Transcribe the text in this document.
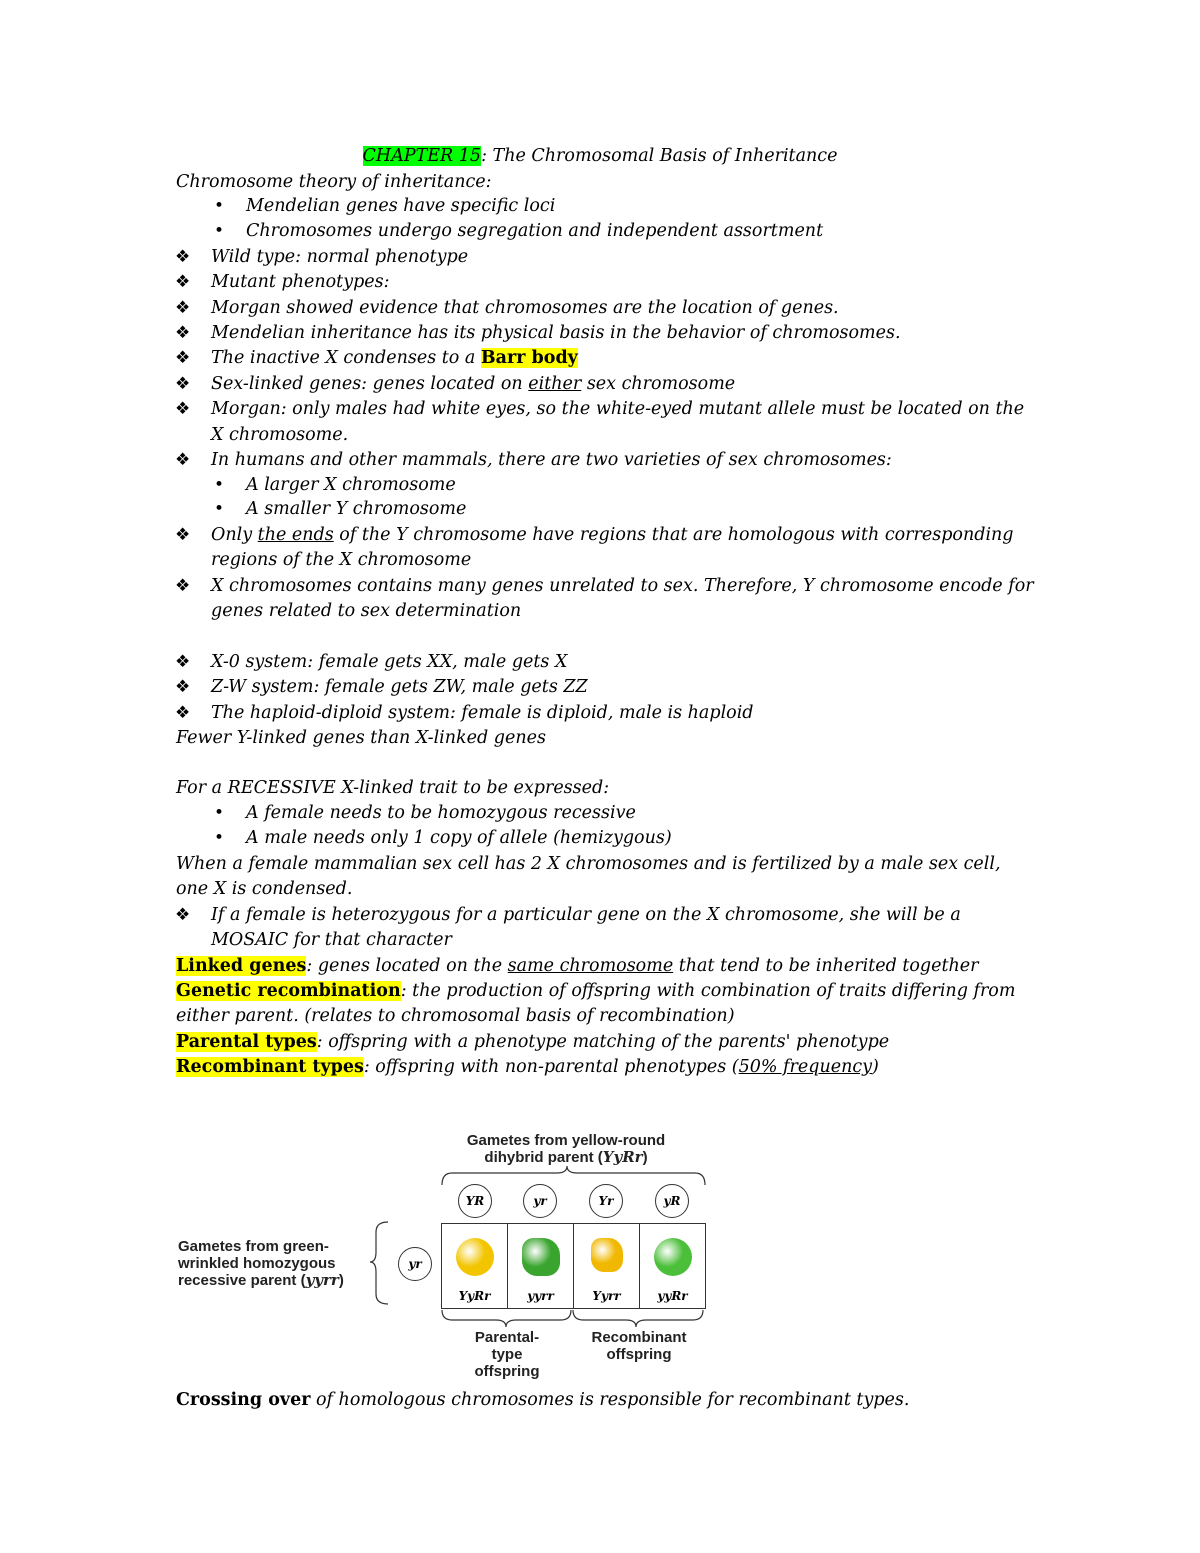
CHAPTER 15: The Chromosomal Basis of Inheritance
Chromosome theory of inheritance:
• Mendelian genes have specific loci
• Chromosomes undergo segregation and independent assortment
❖ Wild type: normal phenotype
❖ Mutant phenotypes:
❖ Morgan showed evidence that chromosomes are the location of genes.
❖ Mendelian inheritance has its physical basis in the behavior of chromosomes.
❖ The inactive X condenses to a Barr body
❖ Sex-linked genes: genes located on either sex chromosome
❖ Morgan: only males had white eyes, so the white-eyed mutant allele must be located on the
X chromosome.
❖ In humans and other mammals, there are two varieties of sex chromosomes:
• A larger X chromosome
• A smaller Y chromosome
❖ Only the ends of the Y chromosome have regions that are homologous with corresponding
regions of the X chromosome
❖ X chromosomes contains many genes unrelated to sex. Therefore, Y chromosome encode for
genes related to sex determination
❖ X-0 system: female gets XX, male gets X
❖ Z-W system: female gets ZW, male gets ZZ
❖ The haploid-diploid system: female is diploid, male is haploid
Fewer Y-linked genes than X-linked genes
For a RECESSIVE X-linked trait to be expressed:
• A female needs to be homozygous recessive
• A male needs only 1 copy of allele (hemizygous)
When a female mammalian sex cell has 2 X chromosomes and is fertilized by a male sex cell,
one X is condensed.
❖ If a female is heterozygous for a particular gene on the X chromosome, she will be a
MOSAIC for that character
Linked genes: genes located on the same chromosome that tend to be inherited together
Genetic recombination: the production of offspring with combination of traits differing from
either parent. (relates to chromosomal basis of recombination)
Parental types: offspring with a phenotype matching of the parents' phenotype
Recombinant types: offspring with non-parental phenotypes (50% frequency)
Gametes from yellow-round
dihybrid parent (YyRr)
Gametes from green-
wrinkled homozygous
recessive parent (yyrr)
yr
YR	yr	Yr	yR
YyRr	yyrr	Yyrr	yyRr
Parental-
type
offspring
Recombinant
offspring
Crossing over of homologous chromosomes is responsible for recombinant types.
